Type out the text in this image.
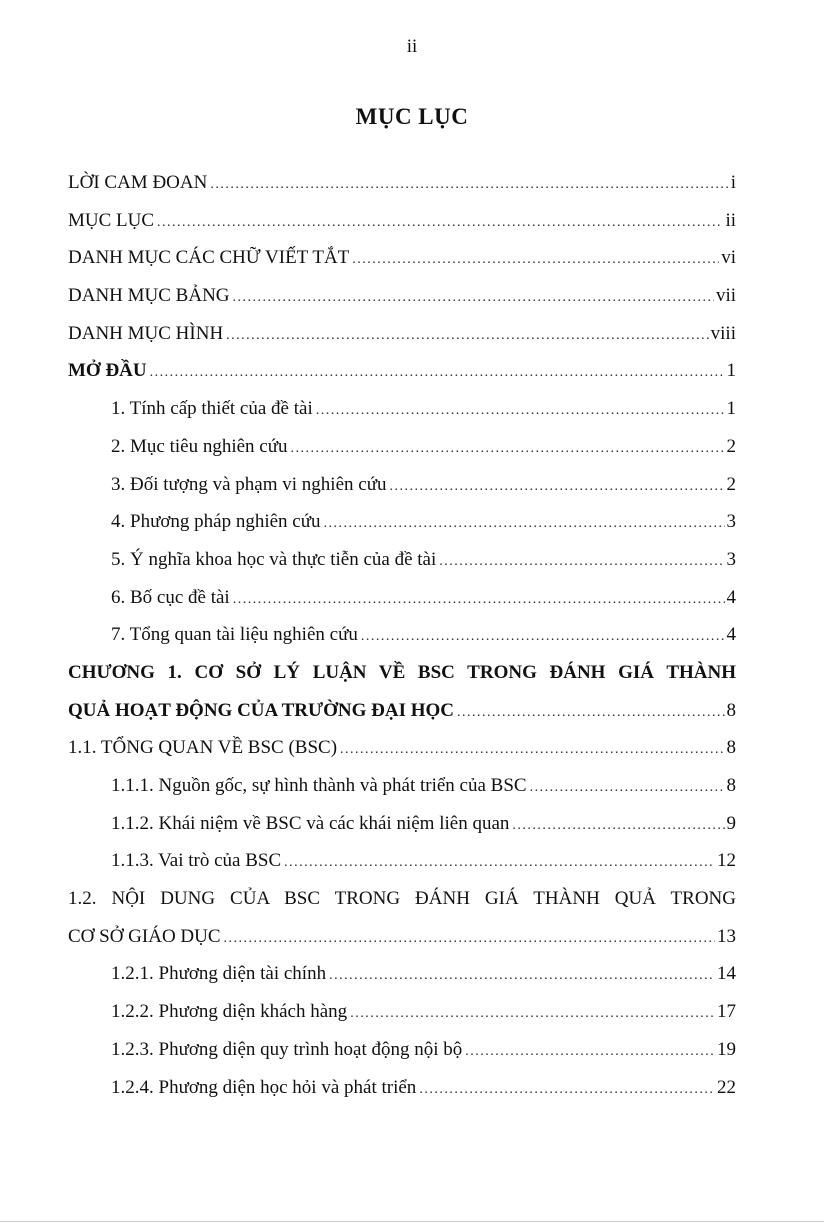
ii
MỤC LỤC
LỜI CAM ĐOAN .....	i
MỤC LỤC .....	ii
DANH MỤC CÁC CHỮ VIẾT TẮT .....	vi
DANH MỤC BẢNG .....	vii
DANH MỤC HÌNH .....	viii
MỞ ĐẦU .....	1
1. Tính cấp thiết của đề tài .....	1
2. Mục tiêu nghiên cứu .....	2
3. Đối tượng và phạm vi nghiên cứu .....	2
4. Phương pháp nghiên cứu .....	3
5. Ý nghĩa khoa học và thực tiễn của đề tài .....	3
6. Bố cục đề tài .....	4
7. Tổng quan tài liệu nghiên cứu .....	4
CHƯƠNG 1. CƠ SỞ LÝ LUẬN VỀ BSC TRONG ĐÁNH GIÁ THÀNH
QUẢ HOẠT ĐỘNG CỦA TRƯỜNG ĐẠI HỌC .....	8
1.1. TỔNG QUAN VỀ BSC (BSC) .....	8
1.1.1. Nguồn gốc, sự hình thành và phát triển của BSC .....	8
1.1.2. Khái niệm về BSC và các khái niệm liên quan .....	9
1.1.3. Vai trò của BSC .....	12
1.2. NỘI DUNG CỦA BSC TRONG ĐÁNH GIÁ THÀNH QUẢ TRONG
CƠ SỞ GIÁO DỤC .....	13
1.2.1. Phương diện tài chính .....	14
1.2.2. Phương diện khách hàng .....	17
1.2.3. Phương diện quy trình hoạt động nội bộ .....	19
1.2.4. Phương diện học hỏi và phát triển .....	22
